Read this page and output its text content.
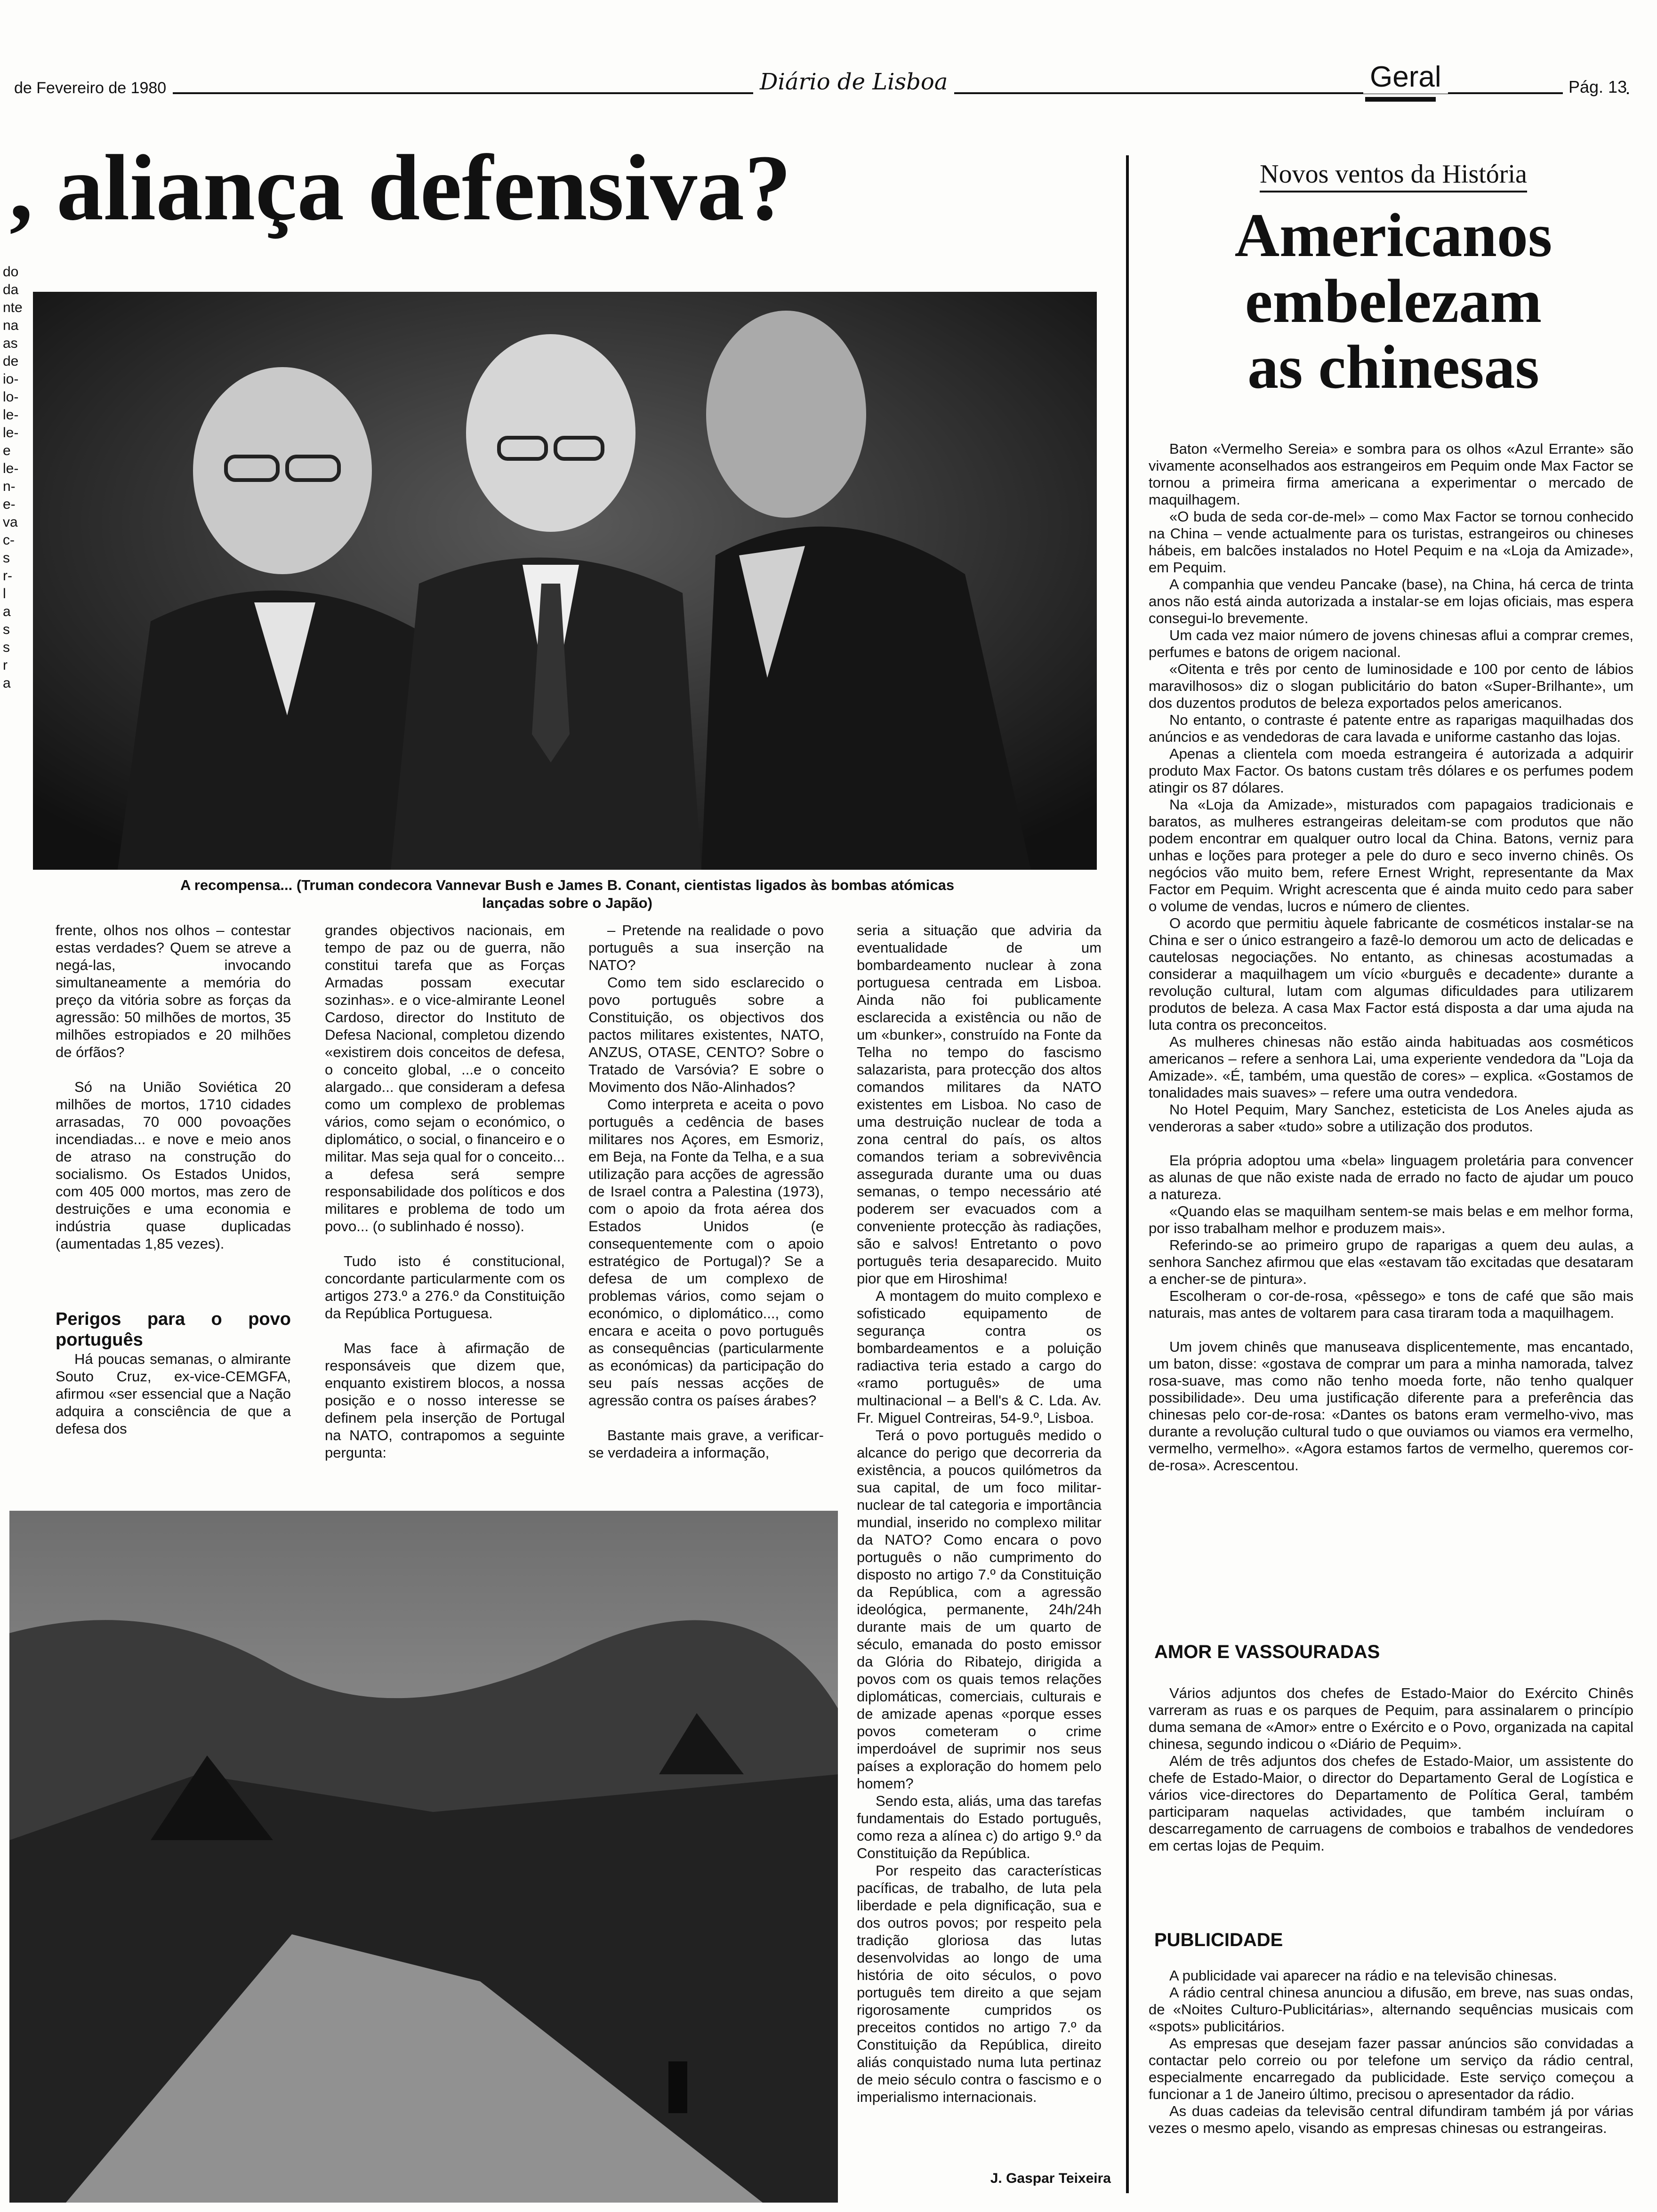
de Fevereiro de 1980	Diário de Lisboa	Geral	Pág. 13
, aliança defensiva?
do
da
nte
na
as
de
io-
lo-
le-
le-
e
le-
n-
e-
va
c-
s
r-
l
a
s
s
r
a
A recompensa... (Truman condecora Vannevar Bush e James B. Conant, cientistas ligados às bombas atómicas lançadas sobre o Japão)

frente, olhos nos olhos – contestar estas verdades? Quem se atreve a negá-las, invocando simultaneamente a memória do preço da vitória sobre as forças da agressão: 50 milhões de mortos, 35 milhões estropiados e 20 milhões de órfãos?

Só na União Soviética 20 milhões de mortos, 1710 cidades arrasadas, 70 000 povoações incendiadas... e nove e meio anos de atraso na construção do socialismo. Os Estados Unidos, com 405 000 mortos, mas zero de destruições e uma economia e indústria quase duplicadas (aumentadas 1,85 vezes).

Perigos para o povo português

Há poucas semanas, o almirante Souto Cruz, ex-vice-CEMGFA, afirmou «ser essencial que a Nação adquira a consciência de que a defesa dos

grandes objectivos nacionais, em tempo de paz ou de guerra, não constitui tarefa que as Forças Armadas possam executar sozinhas». e o vice-almirante Leonel Cardoso, director do Instituto de Defesa Nacional, completou dizendo «existirem dois conceitos de defesa, o conceito global, ...e o conceito alargado... que consideram a defesa como um complexo de problemas vários, como sejam o económico, o diplomático, o social, o financeiro e o militar. Mas seja qual for o conceito... a defesa será sempre responsabilidade dos políticos e dos militares e problema de todo um povo... (o sublinhado é nosso).

Tudo isto é constitucional, concordante particularmente com os artigos 273.º a 276.º da Constituição da República Portuguesa.

Mas face à afirmação de responsáveis que dizem que, enquanto existirem blocos, a nossa posição e o nosso interesse se definem pela inserção de Portugal na NATO, contrapomos a seguinte pergunta:

– Pretende na realidade o povo português a sua inserção na NATO?

Como tem sido esclarecido o povo português sobre a Constituição, os objectivos dos pactos militares existentes, NATO, ANZUS, OTASE, CENTO? Sobre o Tratado de Varsóvia? E sobre o Movimento dos Não-Alinhados?

Como interpreta e aceita o povo português a cedência de bases militares nos Açores, em Esmoriz, em Beja, na Fonte da Telha, e a sua utilização para acções de agressão de Israel contra a Palestina (1973), com o apoio da frota aérea dos Estados Unidos (e consequentemente com o apoio estratégico de Portugal)? Se a defesa de um complexo de problemas vários, como sejam o económico, o diplomático..., como encara e aceita o povo português as consequências (particularmente as económicas) da participação do seu país nessas acções de agressão contra os países árabes?

Bastante mais grave, a verificar-se verdadeira a informação,

seria a situação que adviria da eventualidade de um bombardeamento nuclear à zona portuguesa centrada em Lisboa. Ainda não foi publicamente esclarecida a existência ou não de um «bunker», construído na Fonte da Telha no tempo do fascismo salazarista, para protecção dos altos comandos militares da NATO existentes em Lisboa. No caso de uma destruição nuclear de toda a zona central do país, os altos comandos teriam a sobrevivência assegurada durante uma ou duas semanas, o tempo necessário até poderem ser evacuados com a conveniente protecção às radiações, são e salvos! Entretanto o povo português teria desaparecido. Muito pior que em Hiroshima!

A montagem do muito complexo e sofisticado equipamento de segurança contra os bombardeamentos e a poluição radiactiva teria estado a cargo do «ramo português» de uma multinacional – a Bell's & C. Lda. Av. Fr. Miguel Contreiras, 54-9.º, Lisboa.

Terá o povo português medido o alcance do perigo que decorreria da existência, a poucos quilómetros da sua capital, de um foco militar-nuclear de tal categoria e importância mundial, inserido no complexo militar da NATO? Como encara o povo português o não cumprimento do disposto no artigo 7.º da Constituição da República, com a agressão ideológica, permanente, 24h/24h durante mais de um quarto de século, emanada do posto emissor da Glória do Ribatejo, dirigida a povos com os quais temos relações diplomáticas, comerciais, culturais e de amizade apenas «porque esses povos cometeram o crime imperdoável de suprimir nos seus países a exploração do homem pelo homem?

Sendo esta, aliás, uma das tarefas fundamentais do Estado português, como reza a alínea c) do artigo 9.º da Constituição da República.

Por respeito das características pacíficas, de trabalho, de luta pela liberdade e pela dignificação, sua e dos outros povos; por respeito pela tradição gloriosa das lutas desenvolvidas ao longo de uma história de oito séculos, o povo português tem direito a que sejam rigorosamente cumpridos os preceitos contidos no artigo 7.º da Constituição da República, direito aliás conquistado numa luta pertinaz de meio século contra o fascismo e o imperialismo internacionais.

J. Gaspar Teixeira
Novos ventos da História
Americanos
embelezam
as chinesas

Baton «Vermelho Sereia» e sombra para os olhos «Azul Errante» são vivamente aconselhados aos estrangeiros em Pequim onde Max Factor se tornou a primeira firma americana a experimentar o mercado de maquilhagem.

«O buda de seda cor-de-mel» – como Max Factor se tornou conhecido na China – vende actualmente para os turistas, estrangeiros ou chineses hábeis, em balcões instalados no Hotel Pequim e na «Loja da Amizade», em Pequim.

A companhia que vendeu Pancake (base), na China, há cerca de trinta anos não está ainda autorizada a instalar-se em lojas oficiais, mas espera consegui-lo brevemente.

Um cada vez maior número de jovens chinesas aflui a comprar cremes, perfumes e batons de origem nacional.

«Oitenta e três por cento de luminosidade e 100 por cento de lábios maravilhosos» diz o slogan publicitário do baton «Super-Brilhante», um dos duzentos produtos de beleza exportados pelos americanos.

No entanto, o contraste é patente entre as raparigas maquilhadas dos anúncios e as vendedoras de cara lavada e uniforme castanho das lojas.

Apenas a clientela com moeda estrangeira é autorizada a adquirir produto Max Factor. Os batons custam três dólares e os perfumes podem atingir os 87 dólares.

Na «Loja da Amizade», misturados com papagaios tradicionais e baratos, as mulheres estrangeiras deleitam-se com produtos que não podem encontrar em qualquer outro local da China. Batons, verniz para unhas e loções para proteger a pele do duro e seco inverno chinês. Os negócios vão muito bem, refere Ernest Wright, representante da Max Factor em Pequim. Wright acrescenta que é ainda muito cedo para saber o volume de vendas, lucros e número de clientes.

O acordo que permitiu àquele fabricante de cosméticos instalar-se na China e ser o único estrangeiro a fazê-lo demorou um acto de delicadas e cautelosas negociações. No entanto, as chinesas acostumadas a considerar a maquilhagem um vício «burguês e decadente» durante a revolução cultural, lutam com algumas dificuldades para utilizarem produtos de beleza. A casa Max Factor está disposta a dar uma ajuda na luta contra os preconceitos.

As mulheres chinesas não estão ainda habituadas aos cosméticos americanos – refere a senhora Lai, uma experiente vendedora da "Loja da Amizade». «É, também, uma questão de cores» – explica. «Gostamos de tonalidades mais suaves» – refere uma outra vendedora.

No Hotel Pequim, Mary Sanchez, esteticista de Los Aneles ajuda as venderoras a saber «tudo» sobre a utilização dos produtos.

Ela própria adoptou uma «bela» linguagem proletária para convencer as alunas de que não existe nada de errado no facto de ajudar um pouco a natureza.

«Quando elas se maquilham sentem-se mais belas e em melhor forma, por isso trabalham melhor e produzem mais».

Referindo-se ao primeiro grupo de raparigas a quem deu aulas, a senhora Sanchez afirmou que elas «estavam tão excitadas que desataram a encher-se de pintura».

Escolheram o cor-de-rosa, «pêssego» e tons de café que são mais naturais, mas antes de voltarem para casa tiraram toda a maquilhagem.

Um jovem chinês que manuseava displicentemente, mas encantado, um baton, disse: «gostava de comprar um para a minha namorada, talvez rosa-suave, mas como não tenho moeda forte, não tenho qualquer possibilidade». Deu uma justificação diferente para a preferência das chinesas pelo cor-de-rosa: «Dantes os batons eram vermelho-vivo, mas durante a revolução cultural tudo o que ouviamos ou viamos era vermelho, vermelho, vermelho». «Agora estamos fartos de vermelho, queremos cor-de-rosa». Acrescentou.

AMOR E VASSOURADAS

Vários adjuntos dos chefes de Estado-Maior do Exército Chinês varreram as ruas e os parques de Pequim, para assinalarem o princípio duma semana de «Amor» entre o Exército e o Povo, organizada na capital chinesa, segundo indicou o «Diário de Pequim».

Além de três adjuntos dos chefes de Estado-Maior, um assistente do chefe de Estado-Maior, o director do Departamento Geral de Logística e vários vice-directores do Departamento de Política Geral, também participaram naquelas actividades, que também incluíram o descarregamento de carruagens de comboios e trabalhos de vendedores em certas lojas de Pequim.

PUBLICIDADE

A publicidade vai aparecer na rádio e na televisão chinesas.

A rádio central chinesa anunciou a difusão, em breve, nas suas ondas, de «Noites Culturo-Publicitárias», alternando sequências musicais com «spots» publicitários.

As empresas que desejam fazer passar anúncios são convidadas a contactar pelo correio ou por telefone um serviço da rádio central, especialmente encarregado da publicidade. Este serviço começou a funcionar a 1 de Janeiro último, precisou o apresentador da rádio.

As duas cadeias da televisão central difundiram também já por várias vezes o mesmo apelo, visando as empresas chinesas ou estrangeiras.
